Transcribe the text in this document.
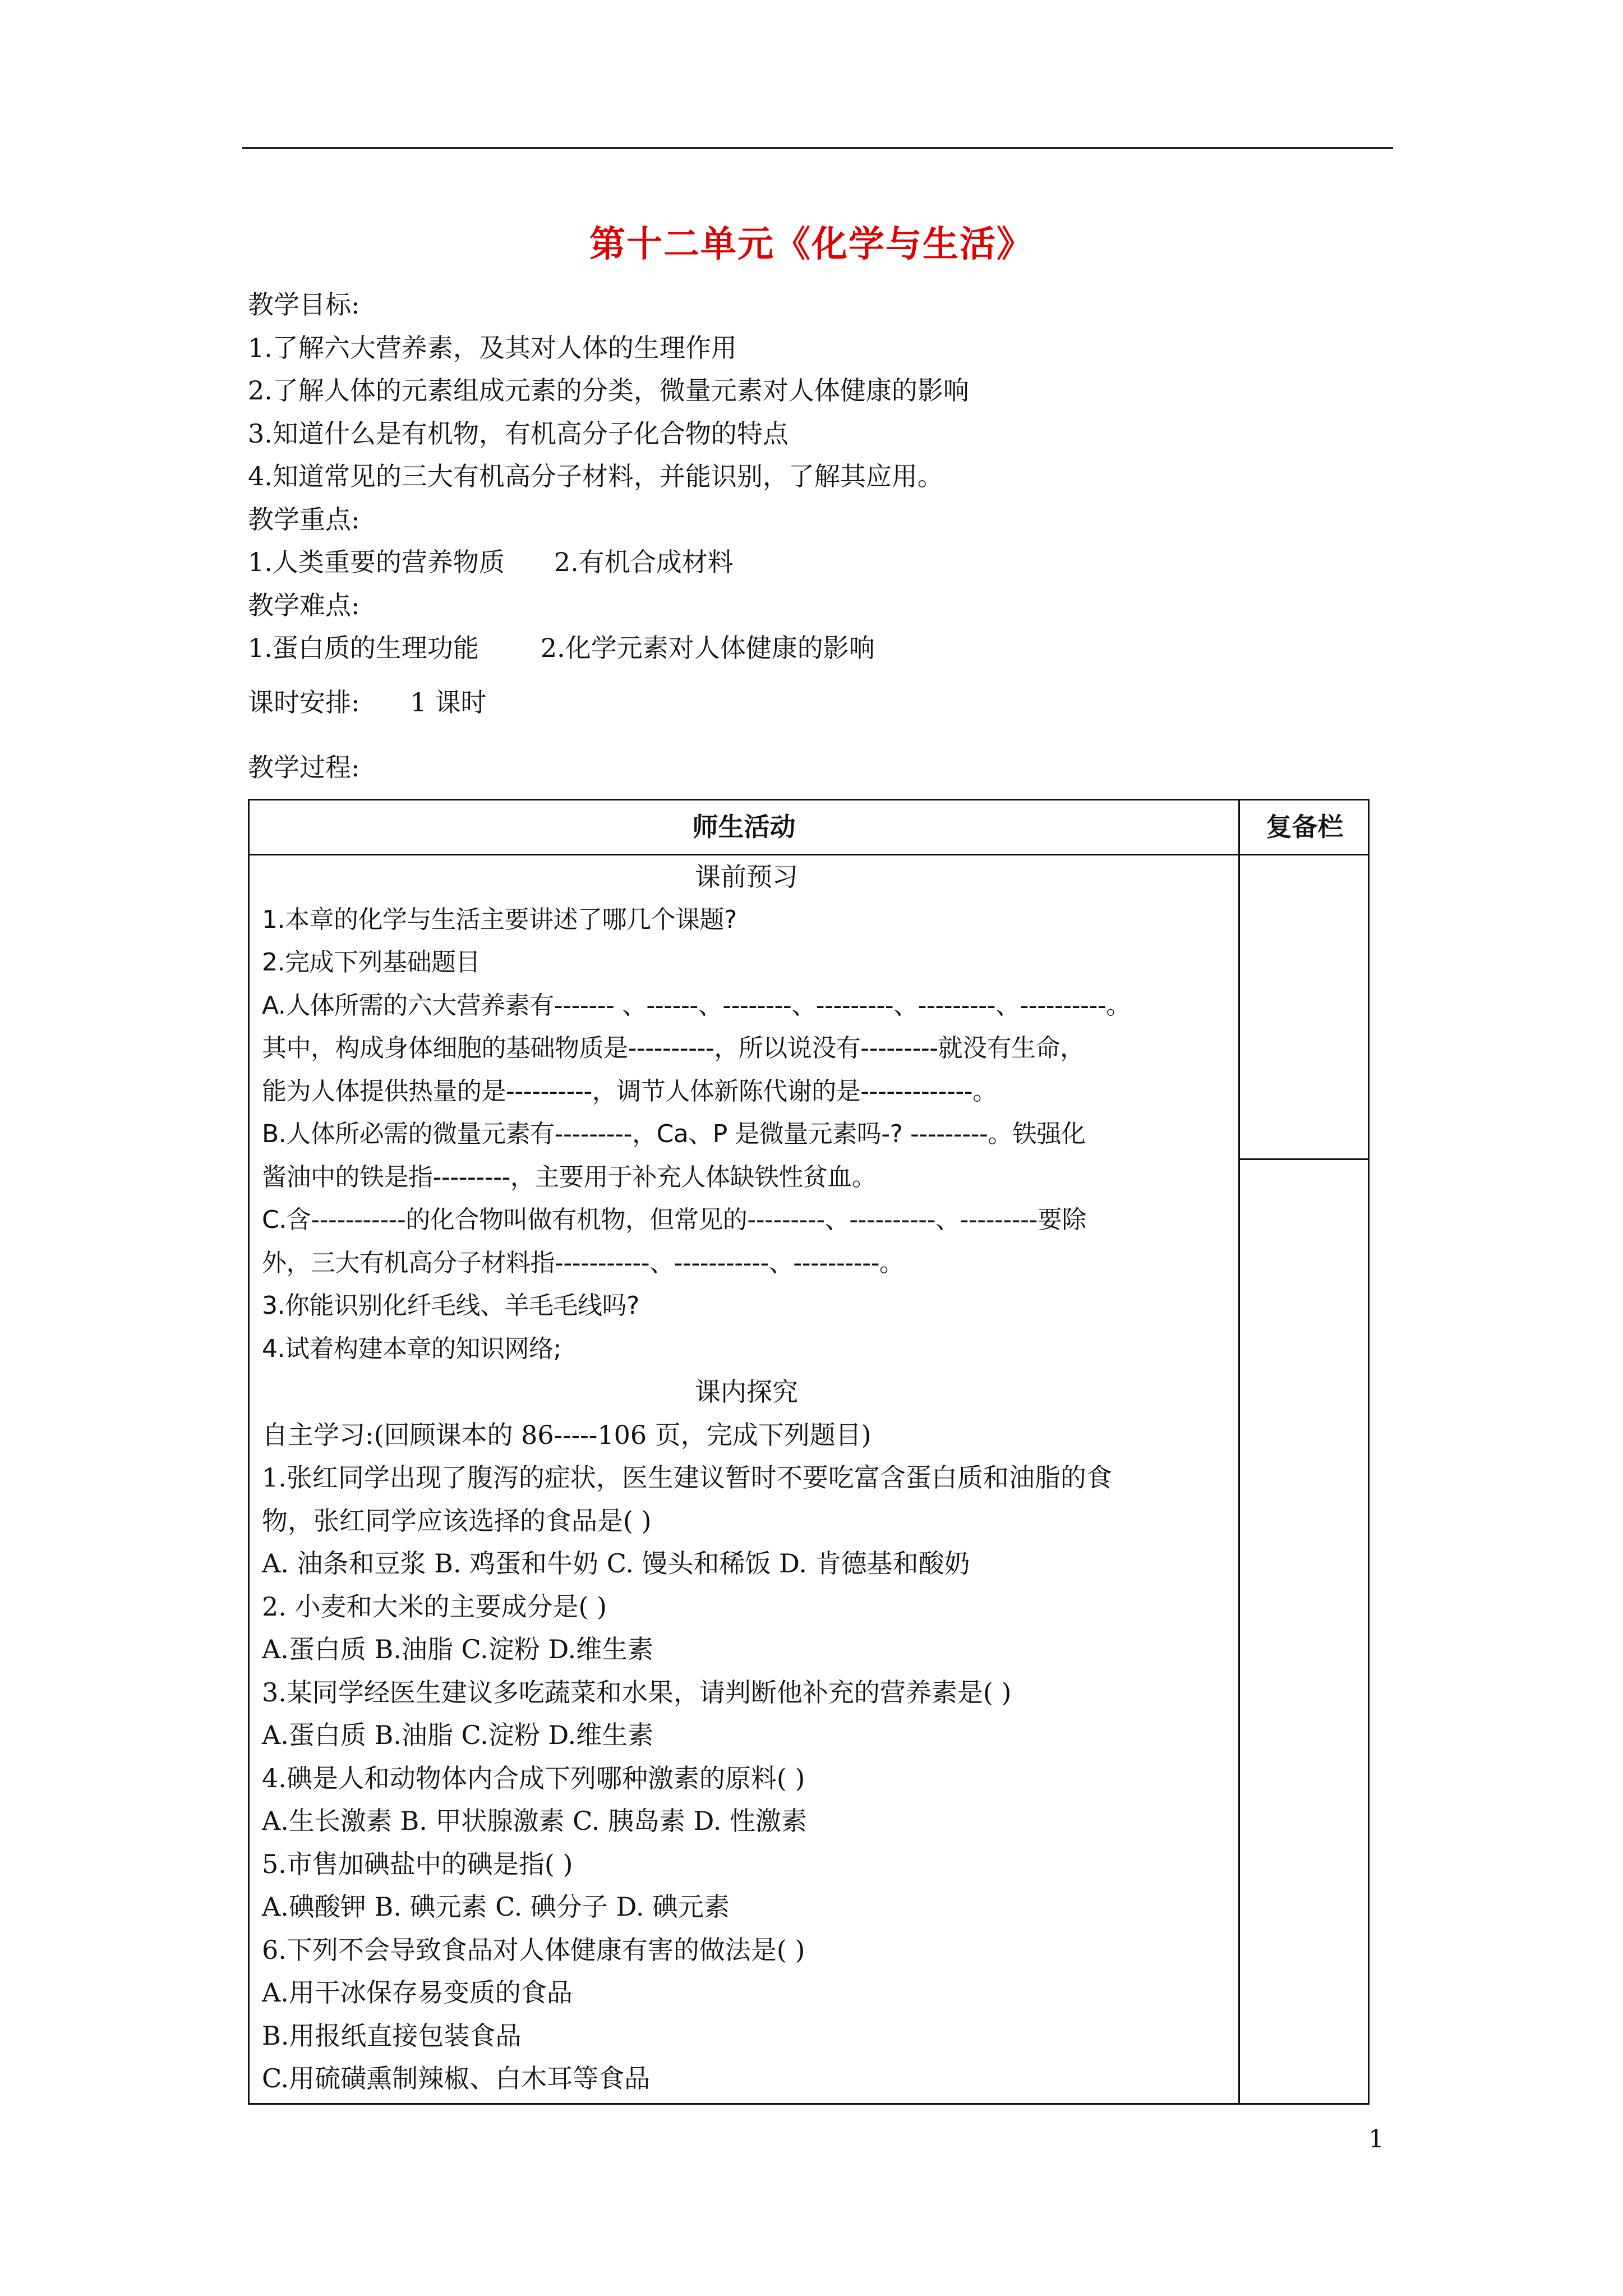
第十二单元《化学与生活》
教学目标:
1.了解六大营养素，及其对人体的生理作用
2.了解人体的元素组成元素的分类，微量元素对人体健康的影响
3.知道什么是有机物，有机高分子化合物的特点
4.知道常见的三大有机高分子材料，并能识别，了解其应用。
教学重点:
1.人类重要的营养物质 2.有机合成材料
教学难点:
1.蛋白质的生理功能 2.化学元素对人体健康的影响
课时安排: 1 课时
教学过程:
师生活动	复备栏
课前预习
1.本章的化学与生活主要讲述了哪几个课题?
2.完成下列基础题目
A.人体所需的六大营养素有------- 、------、--------、---------、---------、----------。
其中，构成身体细胞的基础物质是----------，所以说没有---------就没有生命，
能为人体提供热量的是----------，调节人体新陈代谢的是-------------。
B.人体所必需的微量元素有---------，Ca、P 是微量元素吗-? ---------。铁强化
酱油中的铁是指---------，主要用于补充人体缺铁性贫血。
C.含-----------的化合物叫做有机物，但常见的---------、----------、---------要除
外，三大有机高分子材料指-----------、-----------、----------。
3.你能识别化纤毛线、羊毛毛线吗?
4.试着构建本章的知识网络;
课内探究
自主学习:(回顾课本的 86-----106 页，完成下列题目)
1.张红同学出现了腹泻的症状，医生建议暂时不要吃富含蛋白质和油脂的食
物，张红同学应该选择的食品是( )
A. 油条和豆浆 B. 鸡蛋和牛奶 C. 馒头和稀饭 D. 肯德基和酸奶
2. 小麦和大米的主要成分是( )
A.蛋白质 B.油脂 C.淀粉 D.维生素
3.某同学经医生建议多吃蔬菜和水果，请判断他补充的营养素是( )
A.蛋白质 B.油脂 C.淀粉 D.维生素
4.碘是人和动物体内合成下列哪种激素的原料( )
A.生长激素 B. 甲状腺激素 C. 胰岛素 D. 性激素
5.市售加碘盐中的碘是指( )
A.碘酸钾 B. 碘元素 C. 碘分子 D. 碘元素
6.下列不会导致食品对人体健康有害的做法是( )
A.用干冰保存易变质的食品
B.用报纸直接包装食品
C.用硫磺熏制辣椒、白木耳等食品
1
